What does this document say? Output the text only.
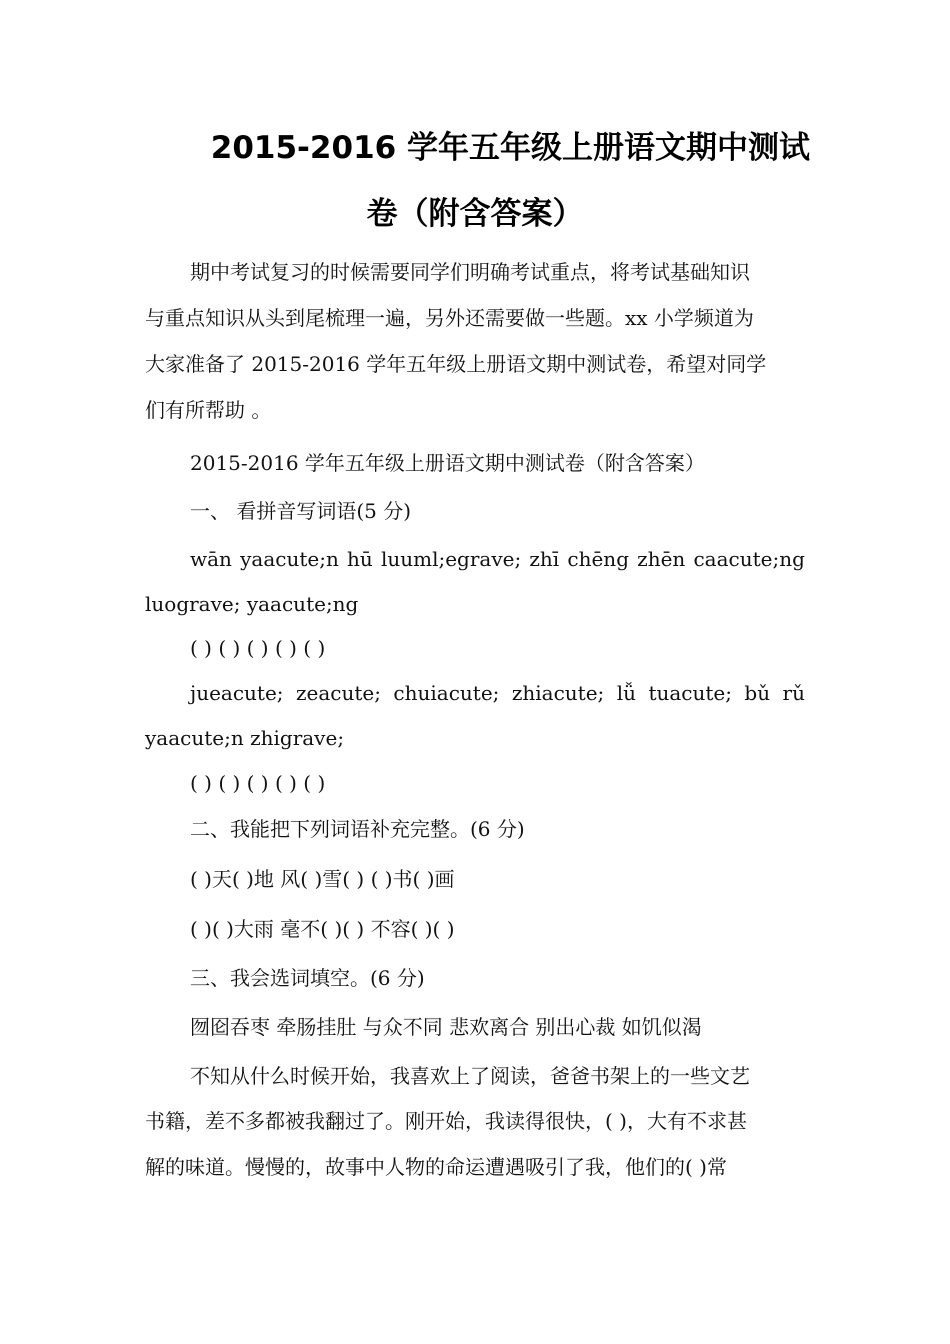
2015-2016 学年五年级上册语文期中测试
卷（附含答案）
期中考试复习的时候需要同学们明确考试重点，将考试基础知识
与重点知识从头到尾梳理一遍，另外还需要做一些题。xx 小学频道为
大家准备了 2015-2016 学年五年级上册语文期中测试卷，希望对同学
们有所帮助 。
2015-2016 学年五年级上册语文期中测试卷（附含答案）
一、 看拼音写词语(5 分)
wān yaacute;n hū luuml;egrave; zhī chēng zhēn caacute;ng
luograve; yaacute;ng
( ) ( ) ( ) ( ) ( )
jueacute; zeacute; chuiacute; zhiacute; lǚ tuacute; bǔ rǔ
yaacute;n zhigrave;
( ) ( ) ( ) ( ) ( )
二、我能把下列词语补充完整。(6 分)
( )天( )地 风( )雪( ) ( )书( )画
( )( )大雨 毫不( )( ) 不容( )( )
三、我会选词填空。(6 分)
囫囵吞枣 牵肠挂肚 与众不同 悲欢离合 别出心裁 如饥似渴
不知从什么时候开始，我喜欢上了阅读，爸爸书架上的一些文艺
书籍，差不多都被我翻过了。刚开始，我读得很快，( )，大有不求甚
解的味道。慢慢的，故事中人物的命运遭遇吸引了我，他们的( )常
